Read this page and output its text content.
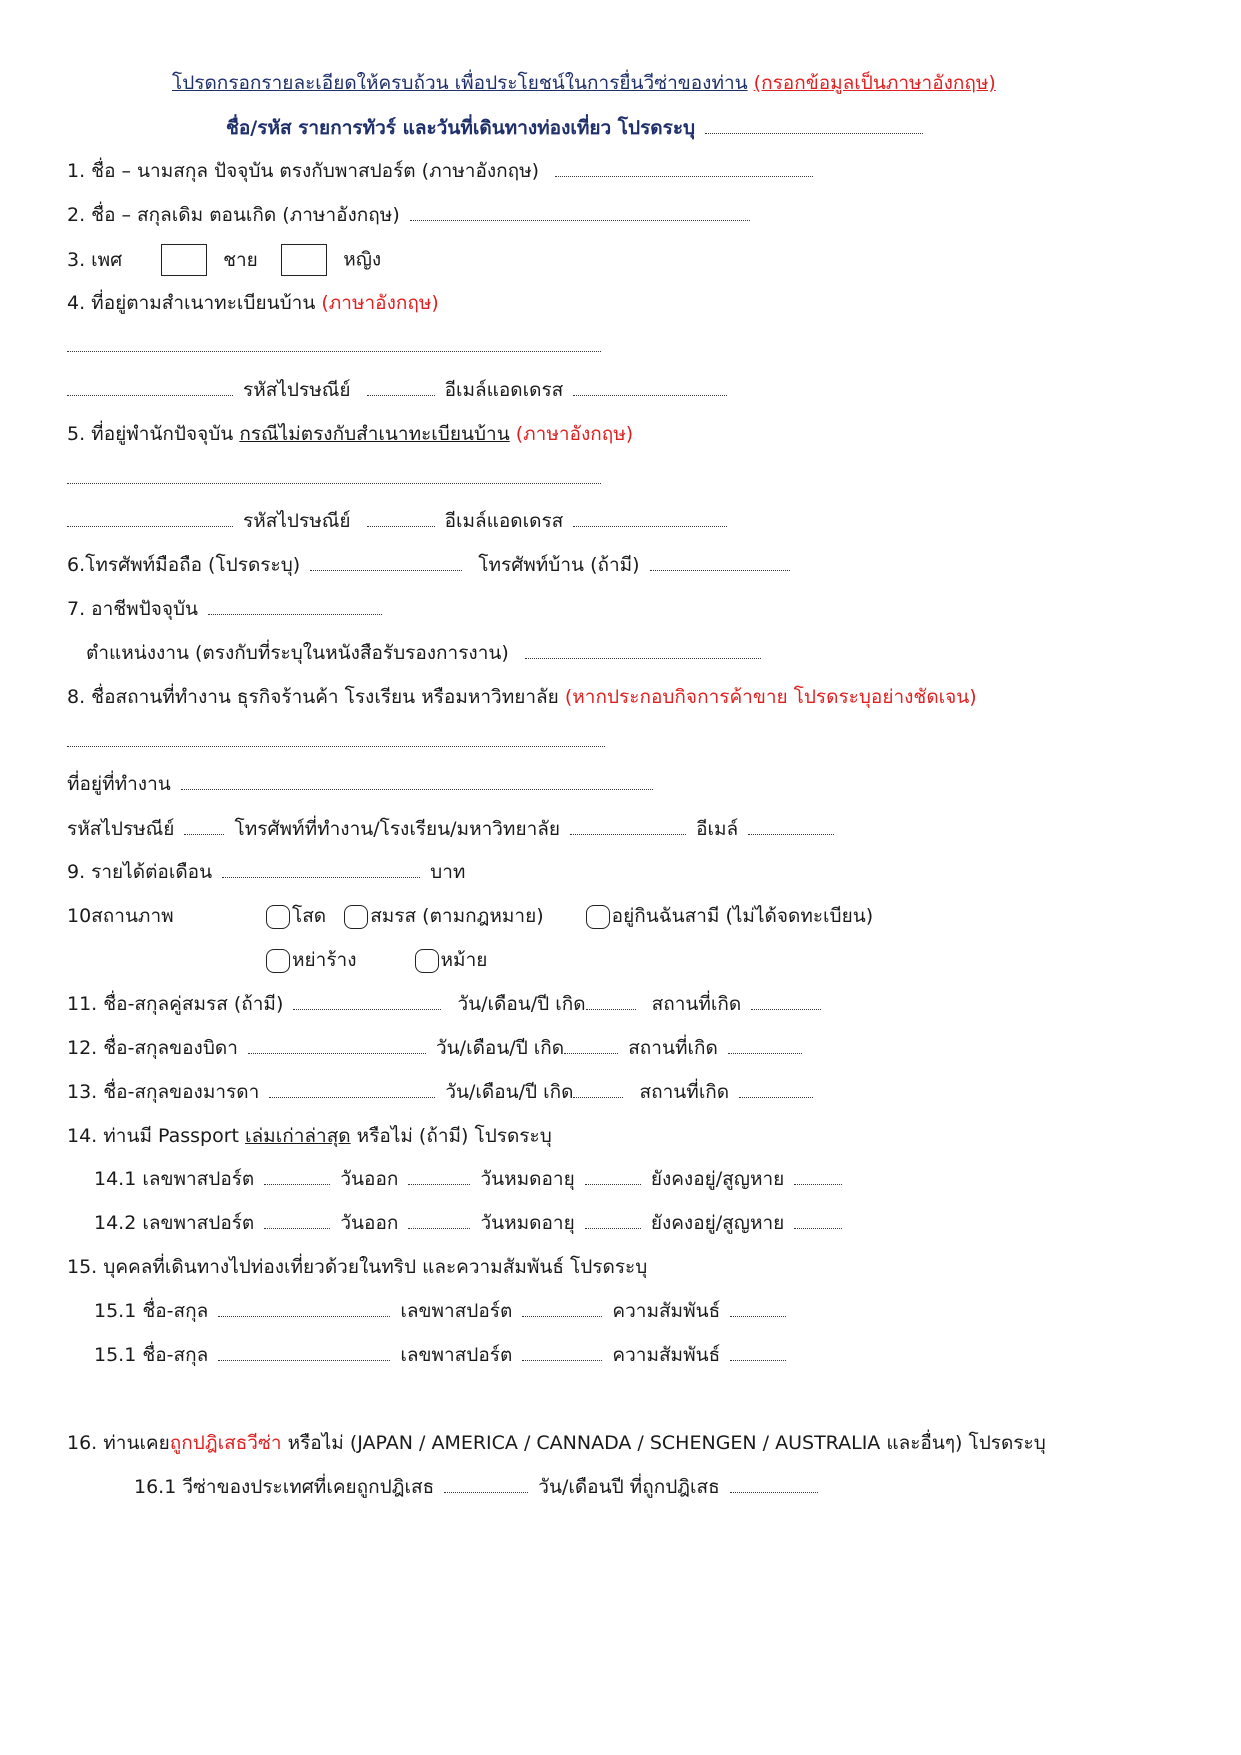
โปรดกรอกรายละเอียดให้ครบถ้วน เพื่อประโยชน์ในการยื่นวีซ่าของท่าน (กรอกข้อมูลเป็นภาษาอังกฤษ)
ชื่อ/รหัส รายการทัวร์ และวันที่เดินทางท่องเที่ยว โปรดระบุ
1. ชื่อ – นามสกุล ปัจจุบัน ตรงกับพาสปอร์ต (ภาษาอังกฤษ)
2. ชื่อ – สกุลเดิม ตอนเกิด (ภาษาอังกฤษ)
3. เพศ	ชาย	หญิง
4. ที่อยู่ตามสำเนาทะเบียนบ้าน (ภาษาอังกฤษ)
รหัสไปรษณีย์	อีเมล์แอดเดรส
5. ที่อยู่พำนักปัจจุบัน กรณีไม่ตรงกับสำเนาทะเบียนบ้าน (ภาษาอังกฤษ)
รหัสไปรษณีย์	อีเมล์แอดเดรส
6.โทรศัพท์มือถือ (โปรดระบุ)	โทรศัพท์บ้าน (ถ้ามี)
7. อาชีพปัจจุบัน
ตำแหน่งงาน (ตรงกับที่ระบุในหนังสือรับรองการงาน)
8. ชื่อสถานที่ทำงาน ธุรกิจร้านค้า โรงเรียน หรือมหาวิทยาลัย (หากประกอบกิจการค้าขาย โปรดระบุอย่างชัดเจน)
ที่อยู่ที่ทำงาน
รหัสไปรษณีย์	โทรศัพท์ที่ทำงาน/โรงเรียน/มหาวิทยาลัย	อีเมล์
9. รายได้ต่อเดือน	บาท
10สถานภาพ	โสด สมรส (ตามกฎหมาย)	อยู่กินฉันสามี (ไม่ได้จดทะเบียน)
หย่าร้าง	หม้าย
11. ชื่อ-สกุลคู่สมรส (ถ้ามี)	วัน/เดือน/ปี เกิด	สถานที่เกิด
12. ชื่อ-สกุลของบิดา	วัน/เดือน/ปี เกิด	สถานที่เกิด
13. ชื่อ-สกุลของมารดา	วัน/เดือน/ปี เกิด	สถานที่เกิด
14. ท่านมี Passport เล่มเก่าล่าสุด หรือไม่ (ถ้ามี) โปรดระบุ
14.1 เลขพาสปอร์ต	วันออก	วันหมดอายุ	ยังคงอยู่/สูญหาย
14.2 เลขพาสปอร์ต	วันออก	วันหมดอายุ	ยังคงอยู่/สูญหาย
15. บุคคลที่เดินทางไปท่องเที่ยวด้วยในทริป และความสัมพันธ์ โปรดระบุ
15.1 ชื่อ-สกุล	เลขพาสปอร์ต	ความสัมพันธ์
15.1 ชื่อ-สกุล	เลขพาสปอร์ต	ความสัมพันธ์
16. ท่านเคยถูกปฎิเสธวีซ่า หรือไม่ (JAPAN / AMERICA / CANNADA / SCHENGEN / AUSTRALIA และอื่นๆ) โปรดระบุ
16.1 วีซ่าของประเทศที่เคยถูกปฎิเสธ	วัน/เดือนปี ที่ถูกปฎิเสธ
